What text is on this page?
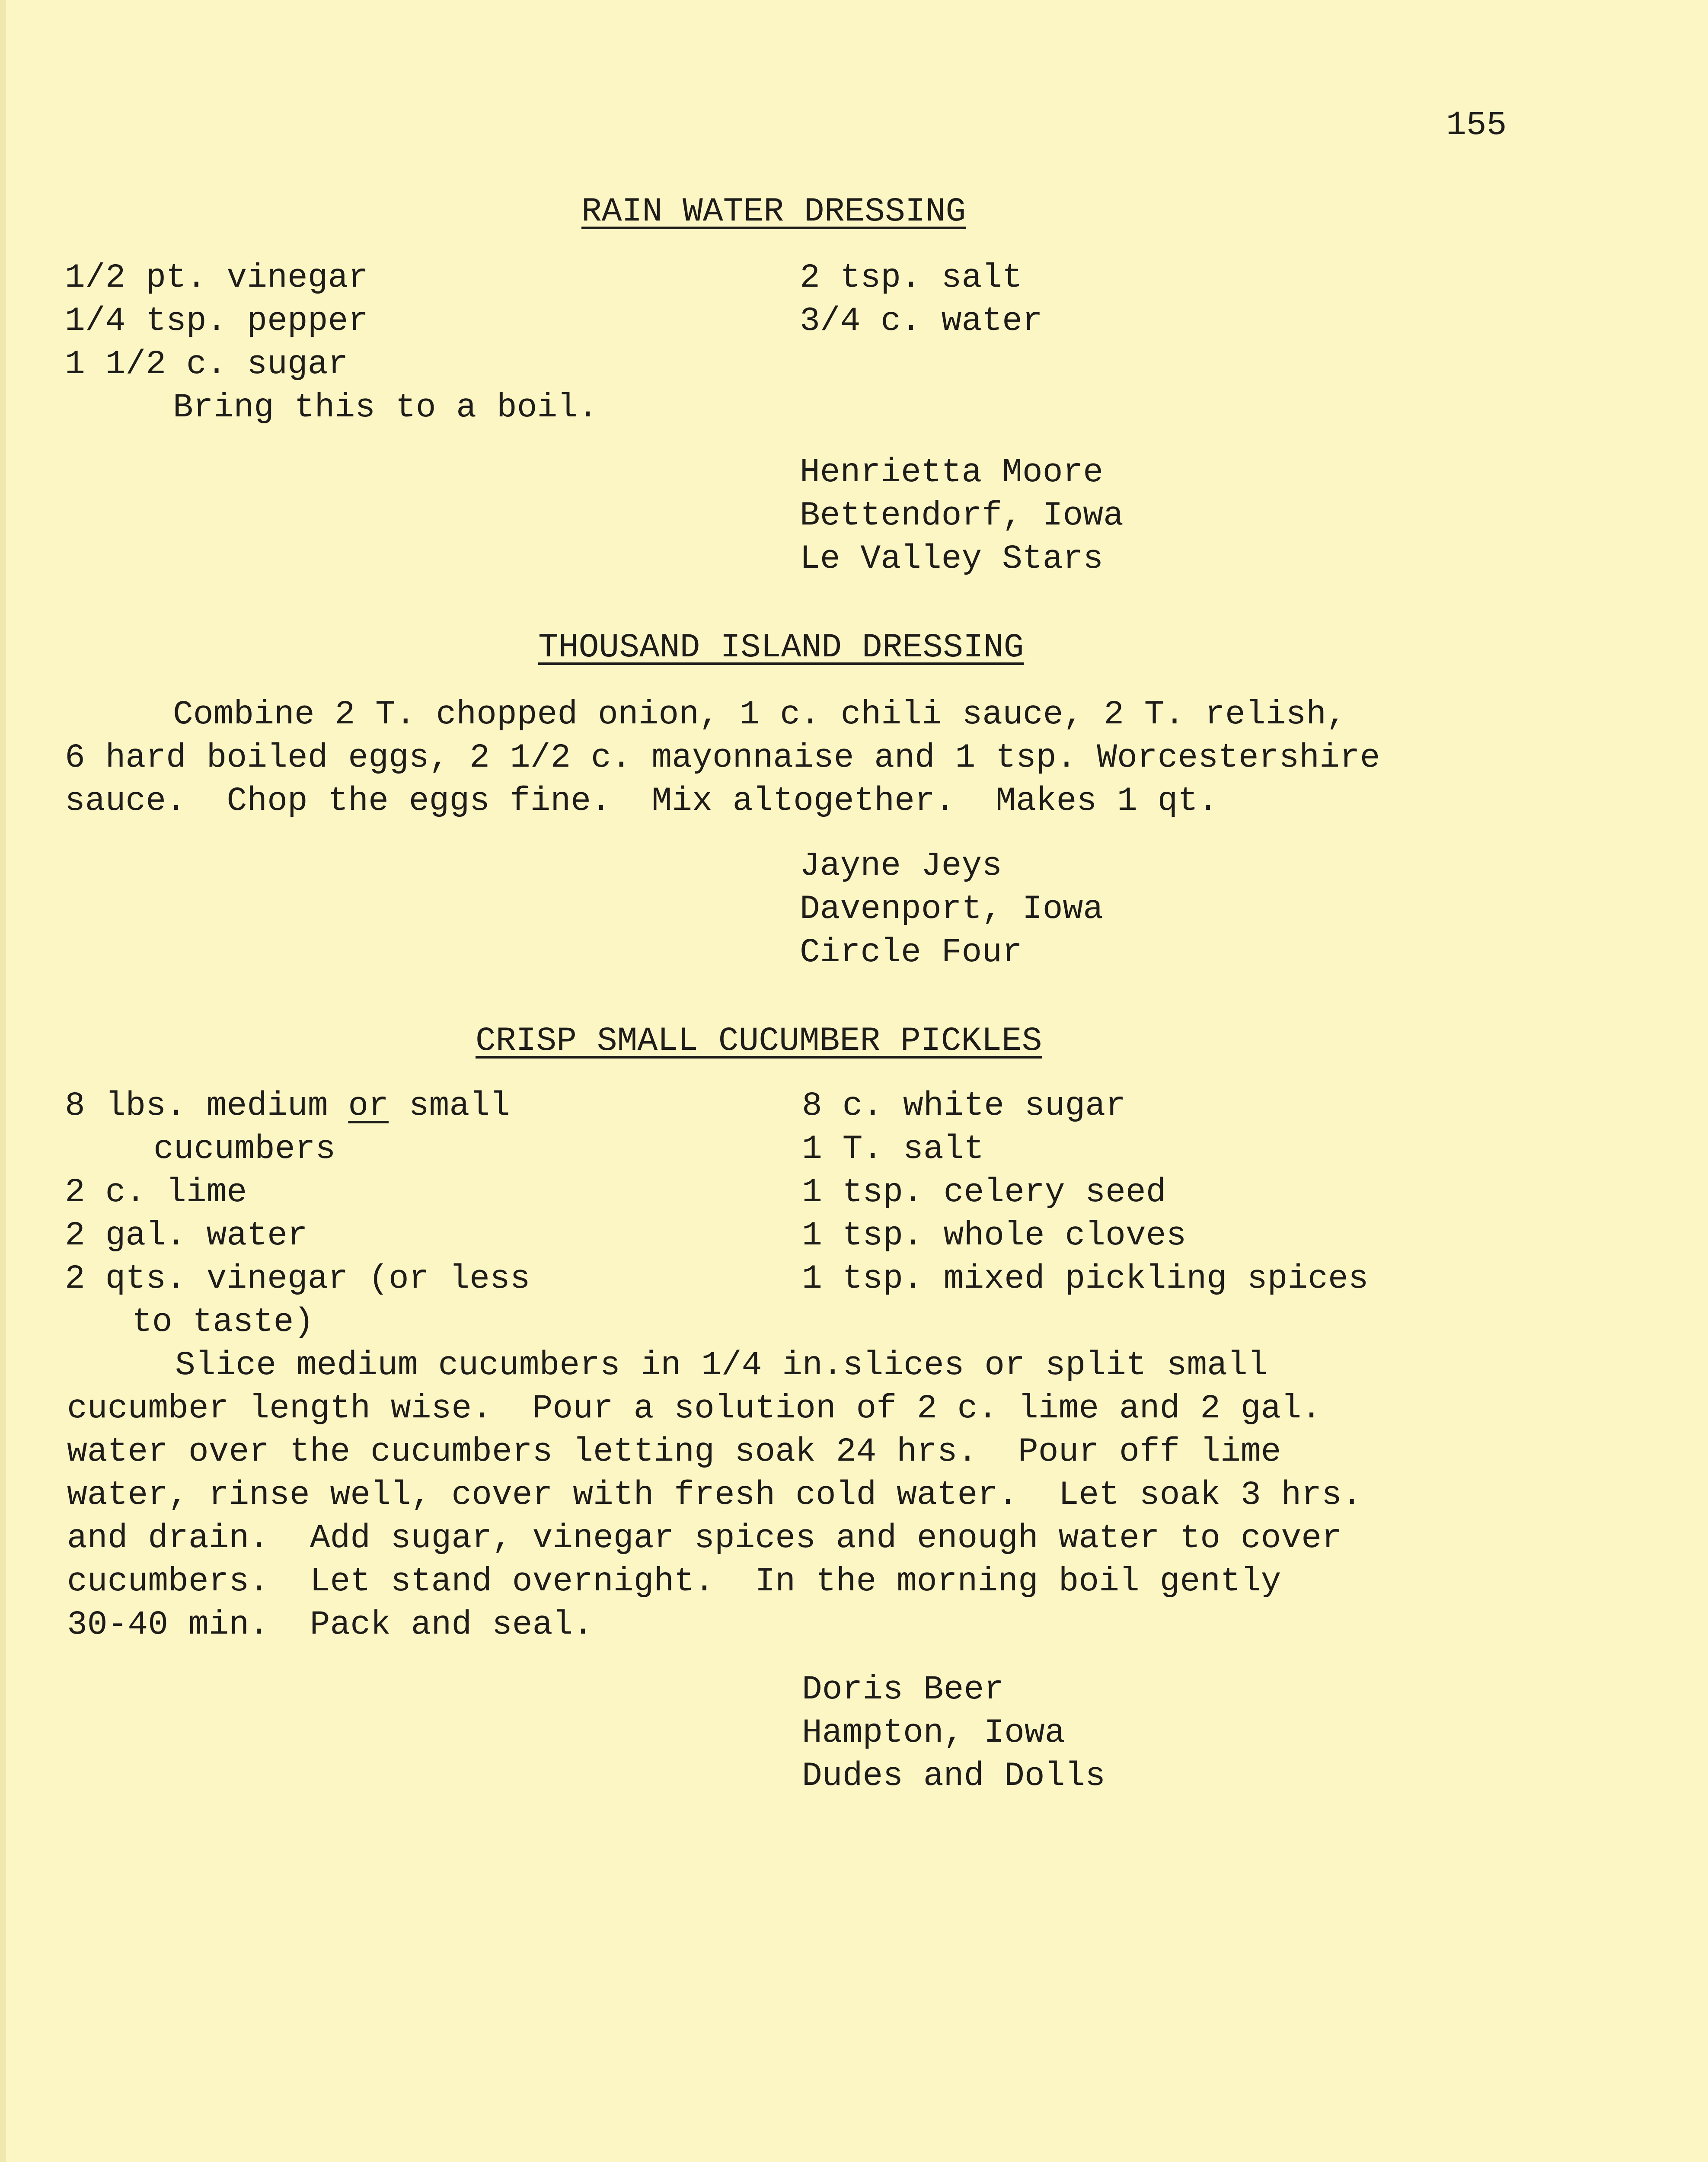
155
RAIN WATER DRESSING
1/2 pt. vinegar
1/4 tsp. pepper
1 1/2 c. sugar
2 tsp. salt
3/4 c. water
Bring this to a boil.
Henrietta Moore
Bettendorf, Iowa
Le Valley Stars
THOUSAND ISLAND DRESSING
Combine 2 T. chopped onion, 1 c. chili sauce, 2 T. relish,
6 hard boiled eggs, 2 1/2 c. mayonnaise and 1 tsp. Worcestershire
sauce.  Chop the eggs fine.  Mix altogether.  Makes 1 qt.
Jayne Jeys
Davenport, Iowa
Circle Four
CRISP SMALL CUCUMBER PICKLES
8 lbs. medium or small
cucumbers
2 c. lime
2 gal. water
2 qts. vinegar (or less
to taste)
8 c. white sugar
1 T. salt
1 tsp. celery seed
1 tsp. whole cloves
1 tsp. mixed pickling spices
Slice medium cucumbers in 1/4 in.slices or split small
cucumber length wise.  Pour a solution of 2 c. lime and 2 gal.
water over the cucumbers letting soak 24 hrs.  Pour off lime
water, rinse well, cover with fresh cold water.  Let soak 3 hrs.
and drain.  Add sugar, vinegar spices and enough water to cover
cucumbers.  Let stand overnight.  In the morning boil gently
30-40 min.  Pack and seal.
Doris Beer
Hampton, Iowa
Dudes and Dolls
